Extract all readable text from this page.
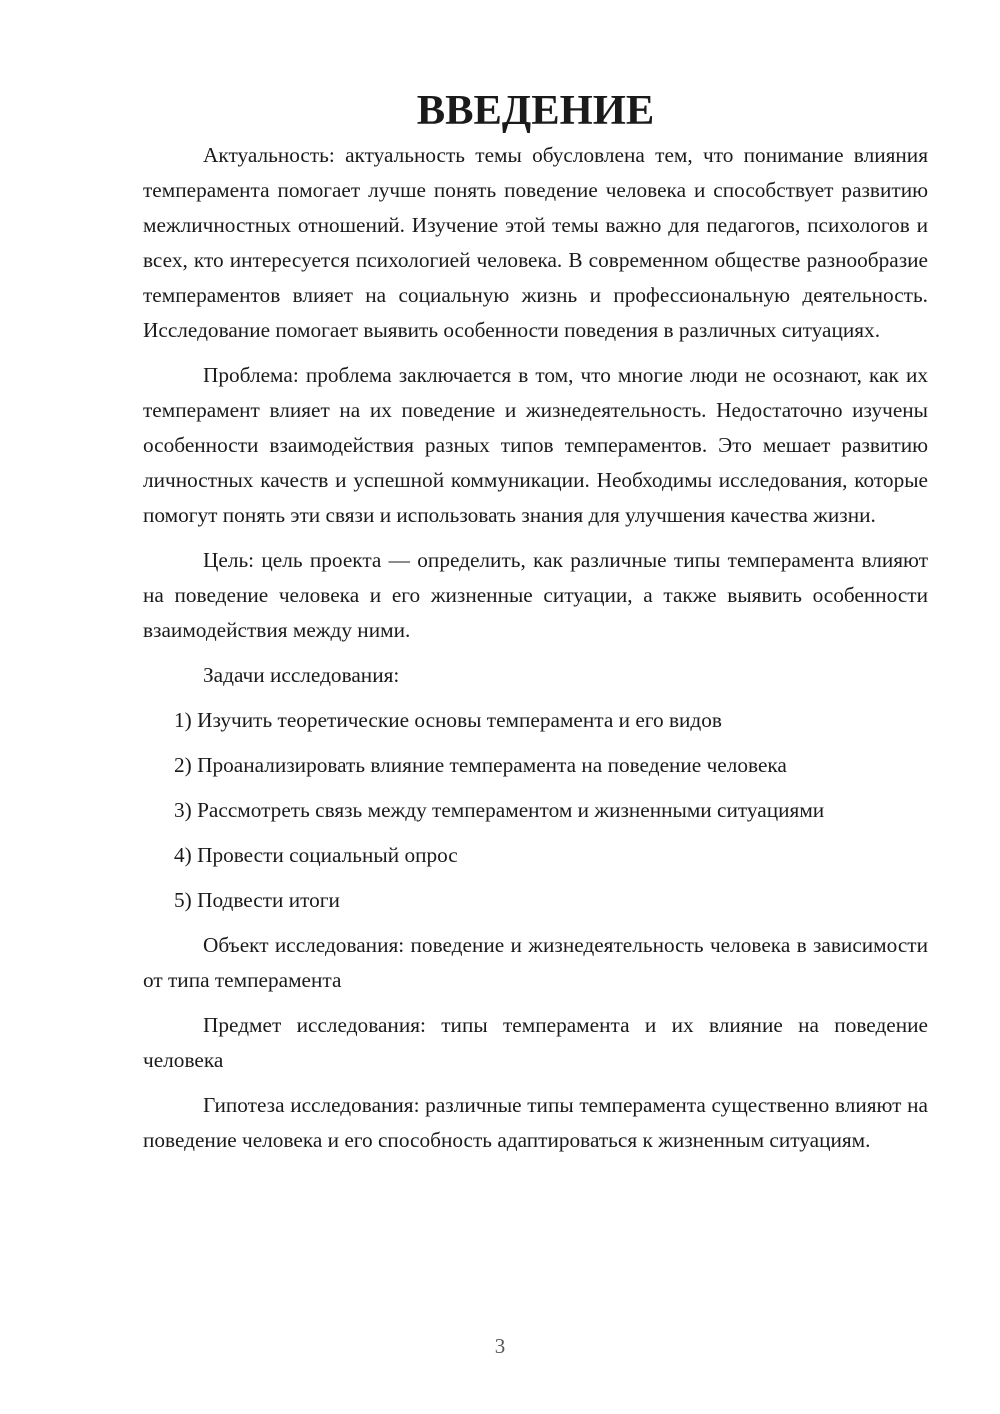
ВВЕДЕНИЕ

Актуальность: актуальность темы обусловлена тем, что понимание влияния темперамента помогает лучше понять поведение человека и способствует развитию межличностных отношений. Изучение этой темы важно для педагогов, психологов и всех, кто интересуется психологией человека. В современном обществе разнообразие темпераментов влияет на социальную жизнь и профессиональную деятельность. Исследование помогает выявить особенности поведения в различных ситуациях.

Проблема: проблема заключается в том, что многие люди не осознают, как их темперамент влияет на их поведение и жизнедеятельность. Недостаточно изучены особенности взаимодействия разных типов темпераментов. Это мешает развитию личностных качеств и успешной коммуникации. Необходимы исследования, которые помогут понять эти связи и использовать знания для улучшения качества жизни.

Цель: цель проекта — определить, как различные типы темперамента влияют на поведение человека и его жизненные ситуации, а также выявить особенности взаимодействия между ними.

Задачи исследования:

1) Изучить теоретические основы темперамента и его видов
2) Проанализировать влияние темперамента на поведение человека
3) Рассмотреть связь между темпераментом и жизненными ситуациями
4) Провести социальный опрос
5) Подвести итоги

Объект исследования: поведение и жизнедеятельность человека в зависимости от типа темперамента

Предмет исследования: типы темперамента и их влияние на поведение человека

Гипотеза исследования: различные типы темперамента существенно влияют на поведение человека и его способность адаптироваться к жизненным ситуациям.

3
